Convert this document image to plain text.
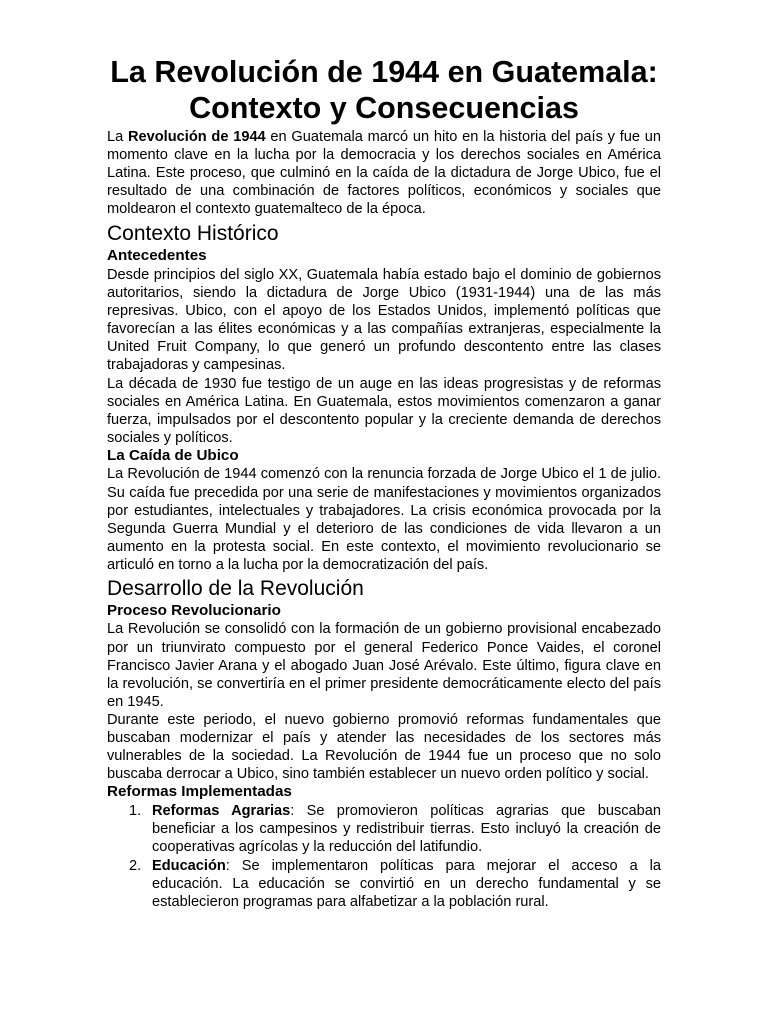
La Revolución de 1944 en Guatemala:
Contexto y Consecuencias

La Revolución de 1944 en Guatemala marcó un hito en la historia del país y fue un momento clave en la lucha por la democracia y los derechos sociales en América Latina. Este proceso, que culminó en la caída de la dictadura de Jorge Ubico, fue el resultado de una combinación de factores políticos, económicos y sociales que moldearon el contexto guatemalteco de la época.

Contexto Histórico
Antecedentes

Desde principios del siglo XX, Guatemala había estado bajo el dominio de gobiernos autoritarios, siendo la dictadura de Jorge Ubico (1931-1944) una de las más represivas. Ubico, con el apoyo de los Estados Unidos, implementó políticas que favorecían a las élites económicas y a las compañías extranjeras, especialmente la United Fruit Company, lo que generó un profundo descontento entre las clases trabajadoras y campesinas.

La década de 1930 fue testigo de un auge en las ideas progresistas y de reformas sociales en América Latina. En Guatemala, estos movimientos comenzaron a ganar fuerza, impulsados por el descontento popular y la creciente demanda de derechos sociales y políticos.

La Caída de Ubico

La Revolución de 1944 comenzó con la renuncia forzada de Jorge Ubico el 1 de julio. Su caída fue precedida por una serie de manifestaciones y movimientos organizados por estudiantes, intelectuales y trabajadores. La crisis económica provocada por la Segunda Guerra Mundial y el deterioro de las condiciones de vida llevaron a un aumento en la protesta social. En este contexto, el movimiento revolucionario se articuló en torno a la lucha por la democratización del país.

Desarrollo de la Revolución
Proceso Revolucionario

La Revolución se consolidó con la formación de un gobierno provisional encabezado por un triunvirato compuesto por el general Federico Ponce Vaides, el coronel Francisco Javier Arana y el abogado Juan José Arévalo. Este último, figura clave en la revolución, se convertiría en el primer presidente democráticamente electo del país en 1945.

Durante este periodo, el nuevo gobierno promovió reformas fundamentales que buscaban modernizar el país y atender las necesidades de los sectores más vulnerables de la sociedad. La Revolución de 1944 fue un proceso que no solo buscaba derrocar a Ubico, sino también establecer un nuevo orden político y social.

Reformas Implementadas
1. Reformas Agrarias: Se promovieron políticas agrarias que buscaban beneficiar a los campesinos y redistribuir tierras. Esto incluyó la creación de cooperativas agrícolas y la reducción del latifundio.
2. Educación: Se implementaron políticas para mejorar el acceso a la educación. La educación se convirtió en un derecho fundamental y se establecieron programas para alfabetizar a la población rural.
